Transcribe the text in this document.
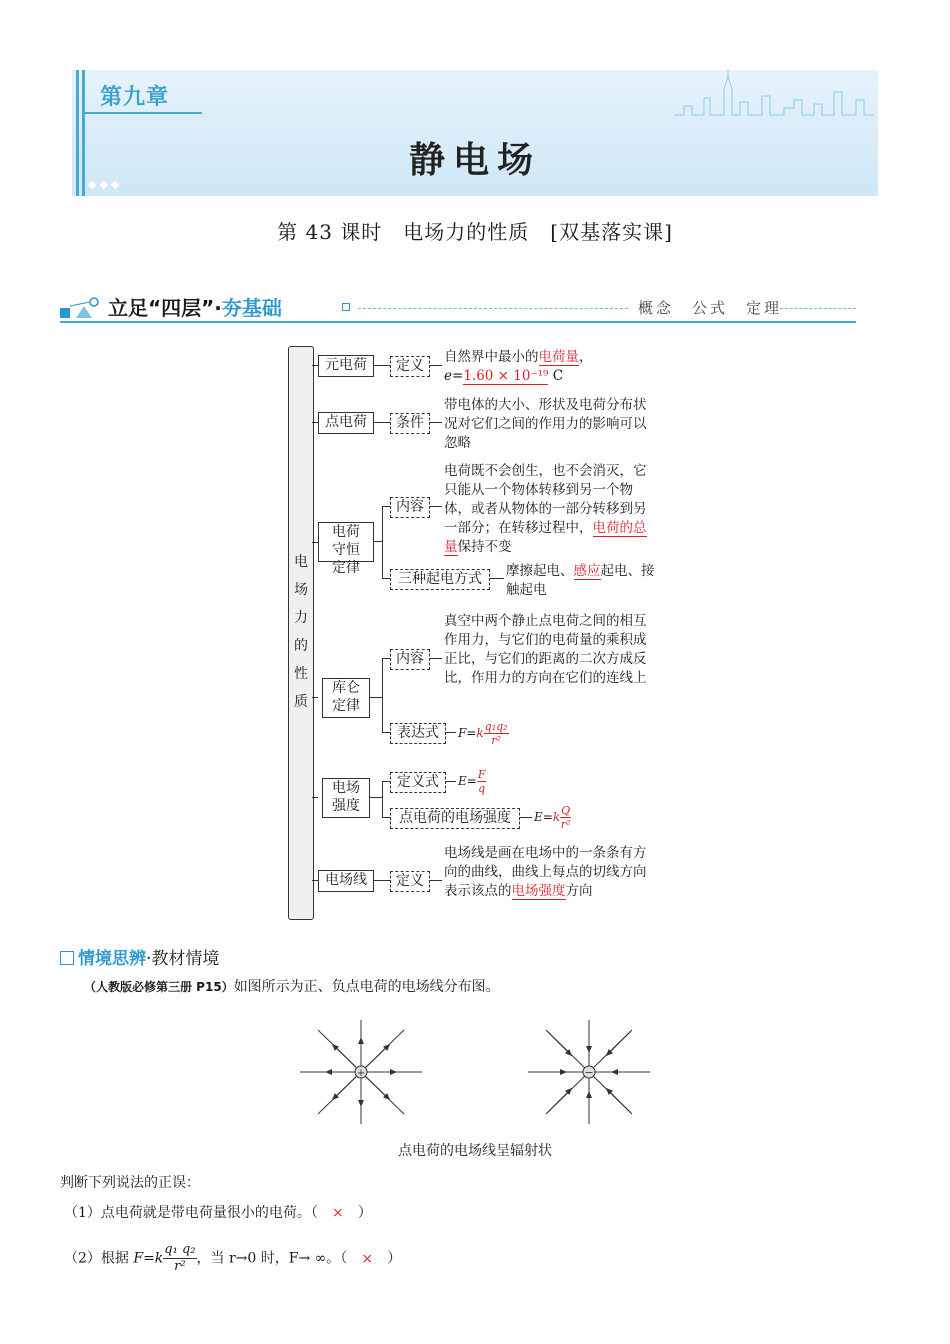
第九章
静电场
◆◆◆
第 43 课时　电场力的性质　[双基落实课]
立足“四层”·夯基础	概念　公式　定理
电场力的性质
元电荷	定义
自然界中最小的电荷量，
e=1.60 × 10⁻¹⁹ C
点电荷	条件
带电体的大小、形状及电荷分布状况对它们之间的作用力的影响可以忽略
电荷守恒定律
内容
电荷既不会创生，也不会消灭，它只能从一个物体转移到另一个物体，或者从物体的一部分转移到另一部分；在转移过程中，电荷的总量保持不变
三种起电方式	摩擦起电、感应起电、接触起电
库仑定律
内容
真空中两个静止点电荷之间的相互作用力，与它们的电荷量的乘积成正比，与它们的距离的二次方成反比，作用力的方向在它们的连线上
表达式	$F=k \frac{\text{q₁q₂}}{\text{r²}}$
电场强度
定义式	$E= \frac{F}{q}$
点电荷的电场强度	$E=k \frac{Q}{\text{r²}}$
电场线	定义
电场线是画在电场中的一条条有方向的曲线，曲线上每点的切线方向表示该点的电场强度方向
情境思辨·教材情境
（人教版必修第三册 P15）如图所示为正、负点电荷的电场线分布图。
+	−
点电荷的电场线呈辐射状
判断下列说法的正误：
（1）点电荷就是带电荷量很小的电荷。（ × ）
（2）根据 $F=k \frac{\text{q₁ q₂}}{\text{r²}}$ ，当 r→0 时，F→ ∞。（ × ）
